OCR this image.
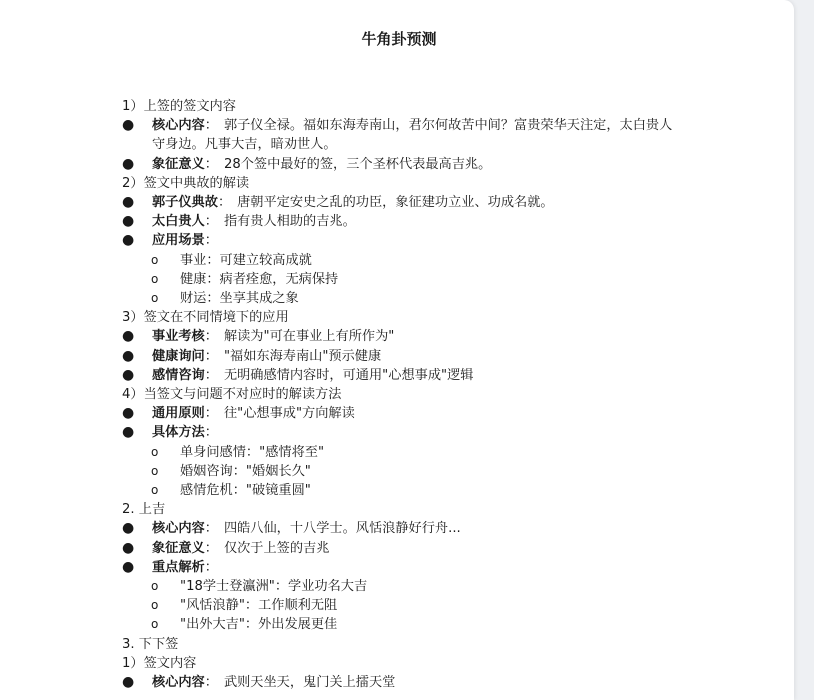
牛角卦预测
1）上签的签文内容
● 核心内容： 郭子仪全禄。福如东海寿南山，君尔何故苦中间？富贵荣华天注定，太白贵人守身边。凡事大吉，暗劝世人。
● 象征意义： 28个签中最好的签，三个圣杯代表最高吉兆。
2）签文中典故的解读
● 郭子仪典故： 唐朝平定安史之乱的功臣，象征建功立业、功成名就。
● 太白贵人： 指有贵人相助的吉兆。
● 应用场景：
o 事业：可建立较高成就
o 健康：病者痊愈，无病保持
o 财运：坐享其成之象
3）签文在不同情境下的应用
● 事业考核： 解读为"可在事业上有所作为"
● 健康询问： "福如东海寿南山"预示健康
● 感情咨询： 无明确感情内容时，可通用"心想事成"逻辑
4）当签文与问题不对应时的解读方法
● 通用原则： 往"心想事成"方向解读
● 具体方法：
o 单身问感情："感情将至"
o 婚姻咨询："婚姻长久"
o 感情危机："破镜重圆"
2. 上吉
● 核心内容： 四皓八仙，十八学士。风恬浪静好行舟...
● 象征意义： 仅次于上签的吉兆
● 重点解析：
o "18学士登瀛洲"：学业功名大吉
o "风恬浪静"：工作顺利无阻
o "出外大吉"：外出发展更佳
3. 下下签
1）签文内容
● 核心内容： 武则天坐天，鬼门关上擂天堂
